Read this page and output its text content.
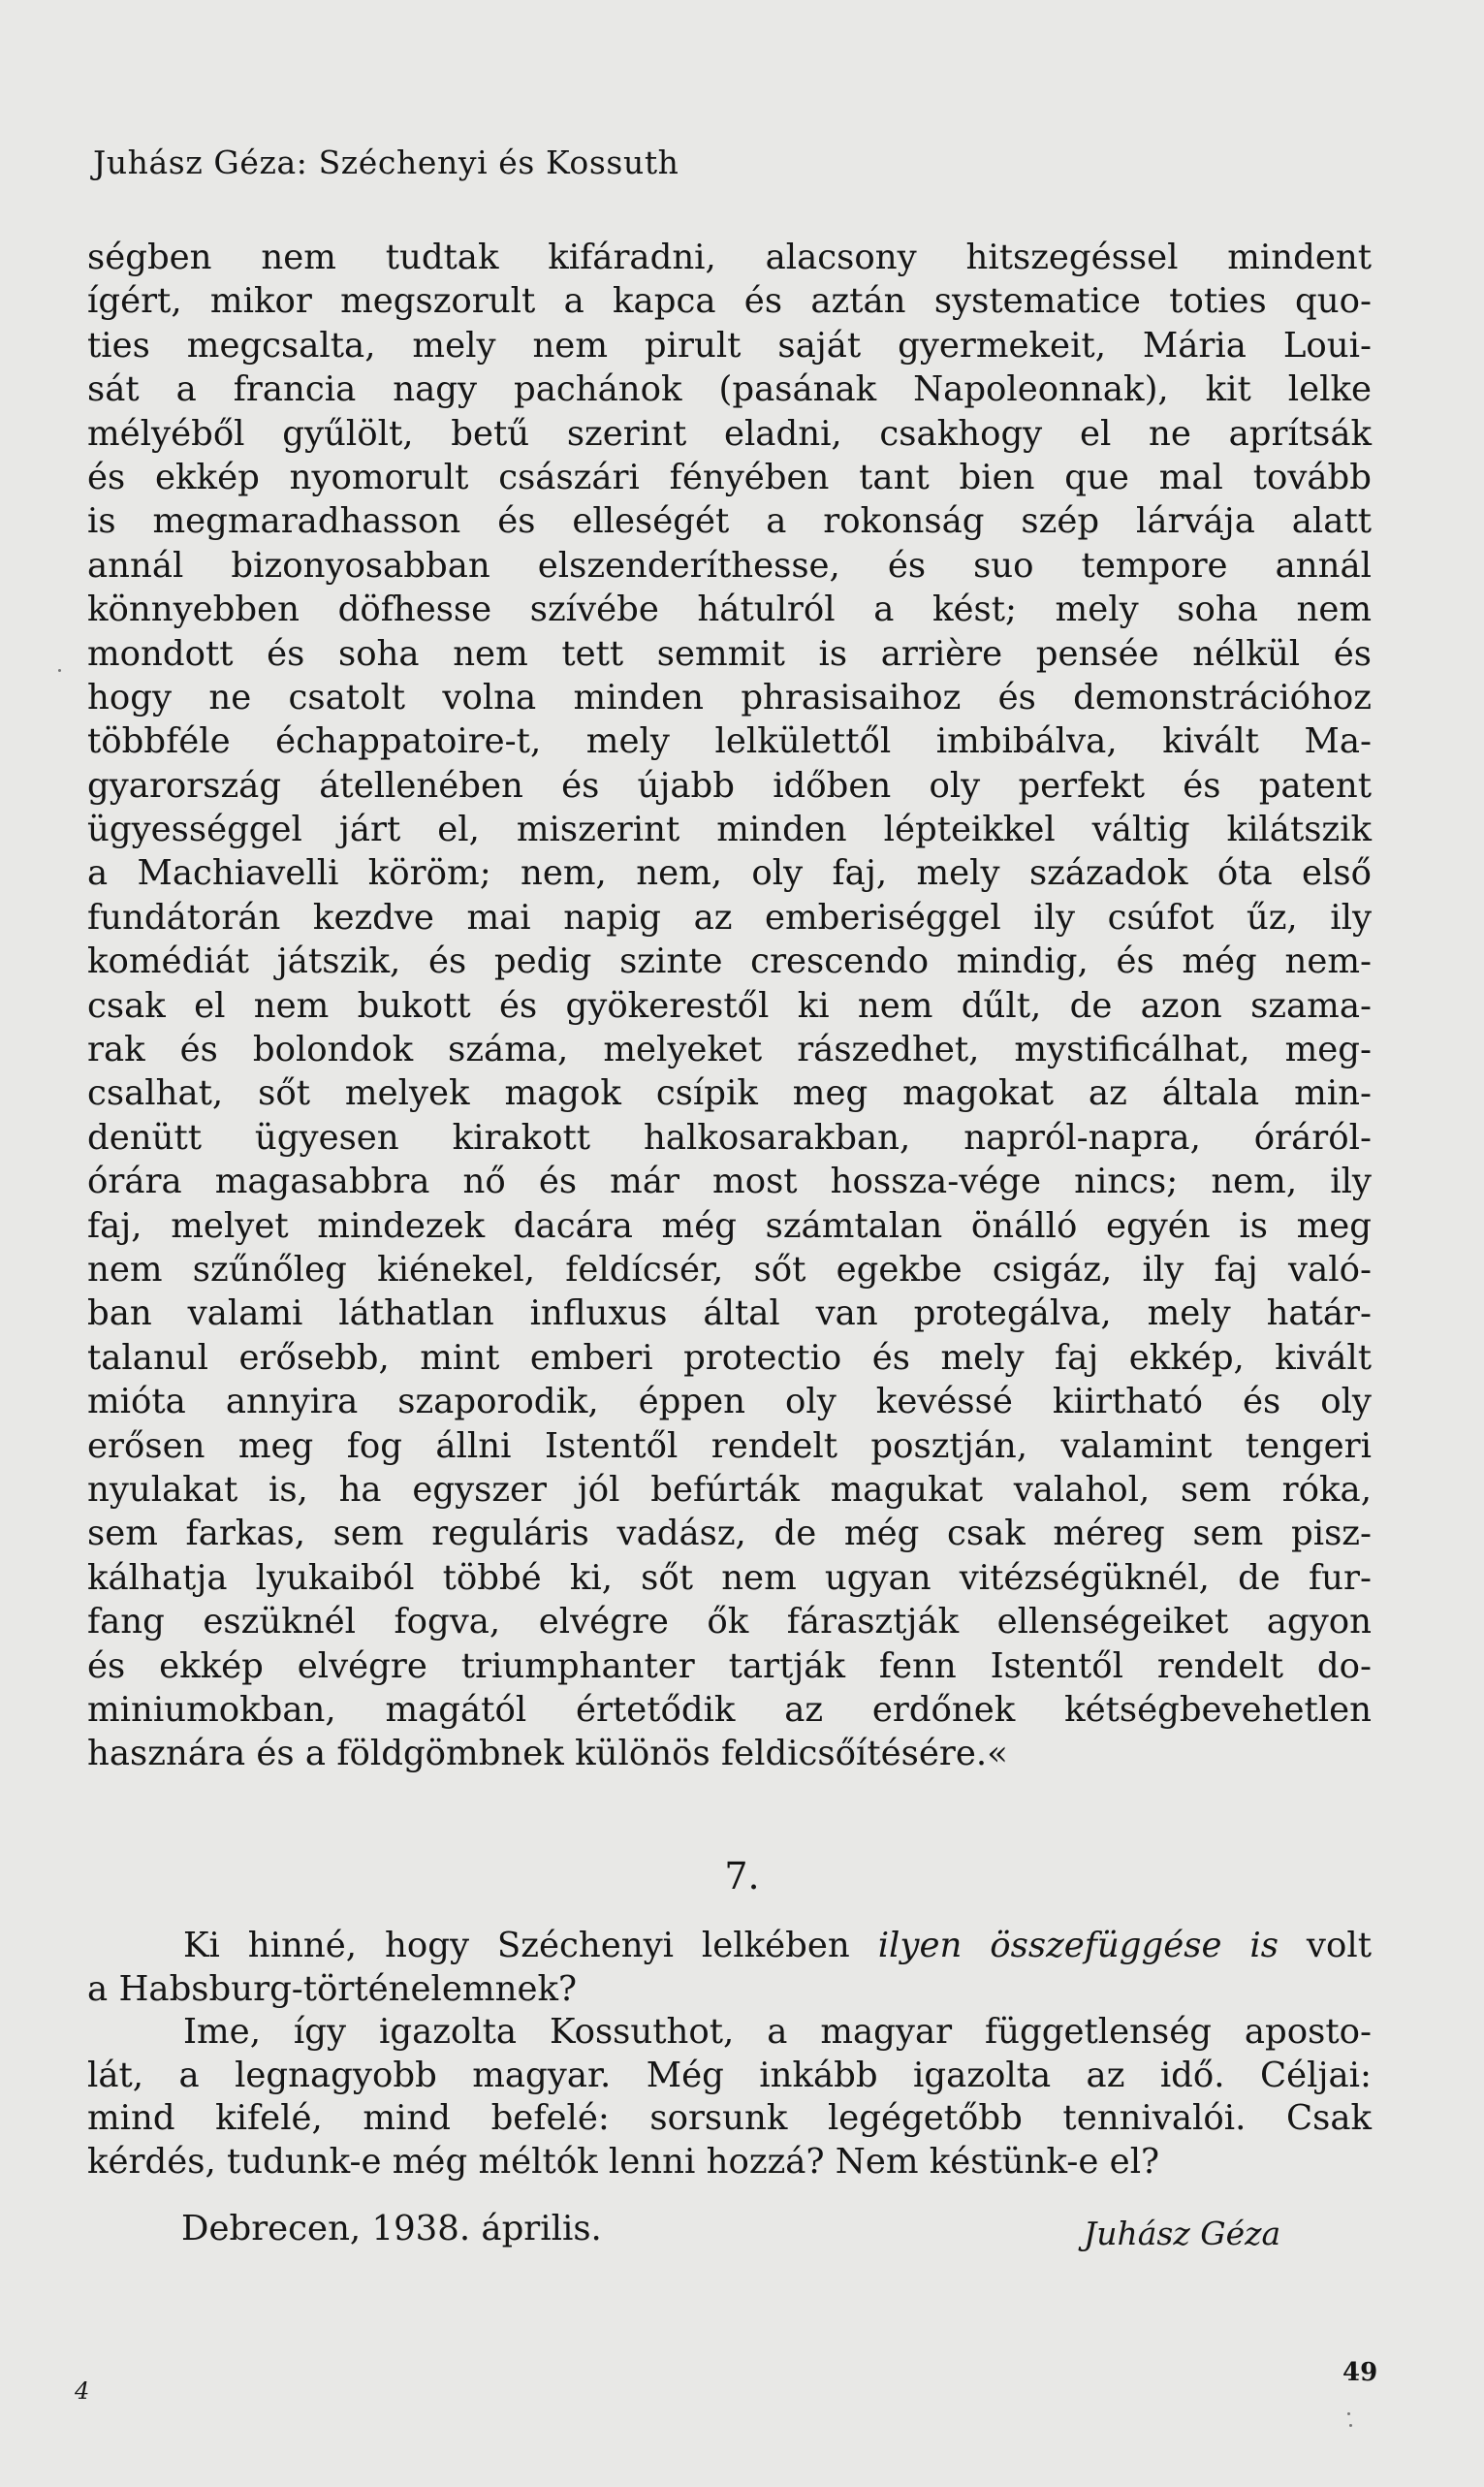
Juhász Géza: Széchenyi és Kossuth
ségben nem tudtak kifáradni, alacsony hitszegéssel mindent
ígért, mikor megszorult a kapca és aztán systematice toties quo-
ties megcsalta, mely nem pirult saját gyermekeit, Mária Loui-
sát a francia nagy pachánok (pasának Napoleonnak), kit lelke
mélyéből gyűlölt, betű szerint eladni, csakhogy el ne aprítsák
és ekkép nyomorult császári fényében tant bien que mal tovább
is megmaradhasson és elleségét a rokonság szép lárvája alatt
annál bizonyosabban elszenderíthesse, és suo tempore annál
könnyebben döfhesse szívébe hátulról a kést; mely soha nem
mondott és soha nem tett semmit is arrière pensée nélkül és
hogy ne csatolt volna minden phrasisaihoz és demonstrációhoz
többféle échappatoire-t, mely lelkülettől imbibálva, kivált Ma-
gyarország átellenében és újabb időben oly perfekt és patent
ügyességgel járt el, miszerint minden lépteikkel váltig kilátszik
a Machiavelli köröm; nem, nem, oly faj, mely századok óta első
fundátorán kezdve mai napig az emberiséggel ily csúfot űz, ily
komédiát játszik, és pedig szinte crescendo mindig, és még nem-
csak el nem bukott és gyökerestől ki nem dűlt, de azon szama-
rak és bolondok száma, melyeket rászedhet, mystificálhat, meg-
csalhat, sőt melyek magok csípik meg magokat az általa min-
denütt ügyesen kirakott halkosarakban, napról-napra, óráról-
órára magasabbra nő és már most hossza-vége nincs; nem, ily
faj, melyet mindezek dacára még számtalan önálló egyén is meg
nem szűnőleg kiénekel, feldícsér, sőt egekbe csigáz, ily faj való-
ban valami láthatlan influxus által van protegálva, mely határ-
talanul erősebb, mint emberi protectio és mely faj ekkép, kivált
mióta annyira szaporodik, éppen oly kevéssé kiirtható és oly
erősen meg fog állni Istentől rendelt posztján, valamint tengeri
nyulakat is, ha egyszer jól befúrták magukat valahol, sem róka,
sem farkas, sem reguláris vadász, de még csak méreg sem pisz-
kálhatja lyukaiból többé ki, sőt nem ugyan vitézségüknél, de fur-
fang eszüknél fogva, elvégre ők fárasztják ellenségeiket agyon
és ekkép elvégre triumphanter tartják fenn Istentől rendelt do-
miniumokban, magától értetődik az erdőnek kétségbevehetlen
hasznára és a földgömbnek különös feldicsőítésére.«
7.
Ki hinné, hogy Széchenyi lelkében ilyen összefüggése is volt
a Habsburg-történelemnek?
Ime, így igazolta Kossuthot, a magyar függetlenség aposto-
lát, a legnagyobb magyar. Még inkább igazolta az idő. Céljai:
mind kifelé, mind befelé: sorsunk legégetőbb tennivalói. Csak
kérdés, tudunk-e még méltók lenni hozzá? Nem késtünk-e el?
Debrecen, 1938. április.	Juhász Géza
4
49
